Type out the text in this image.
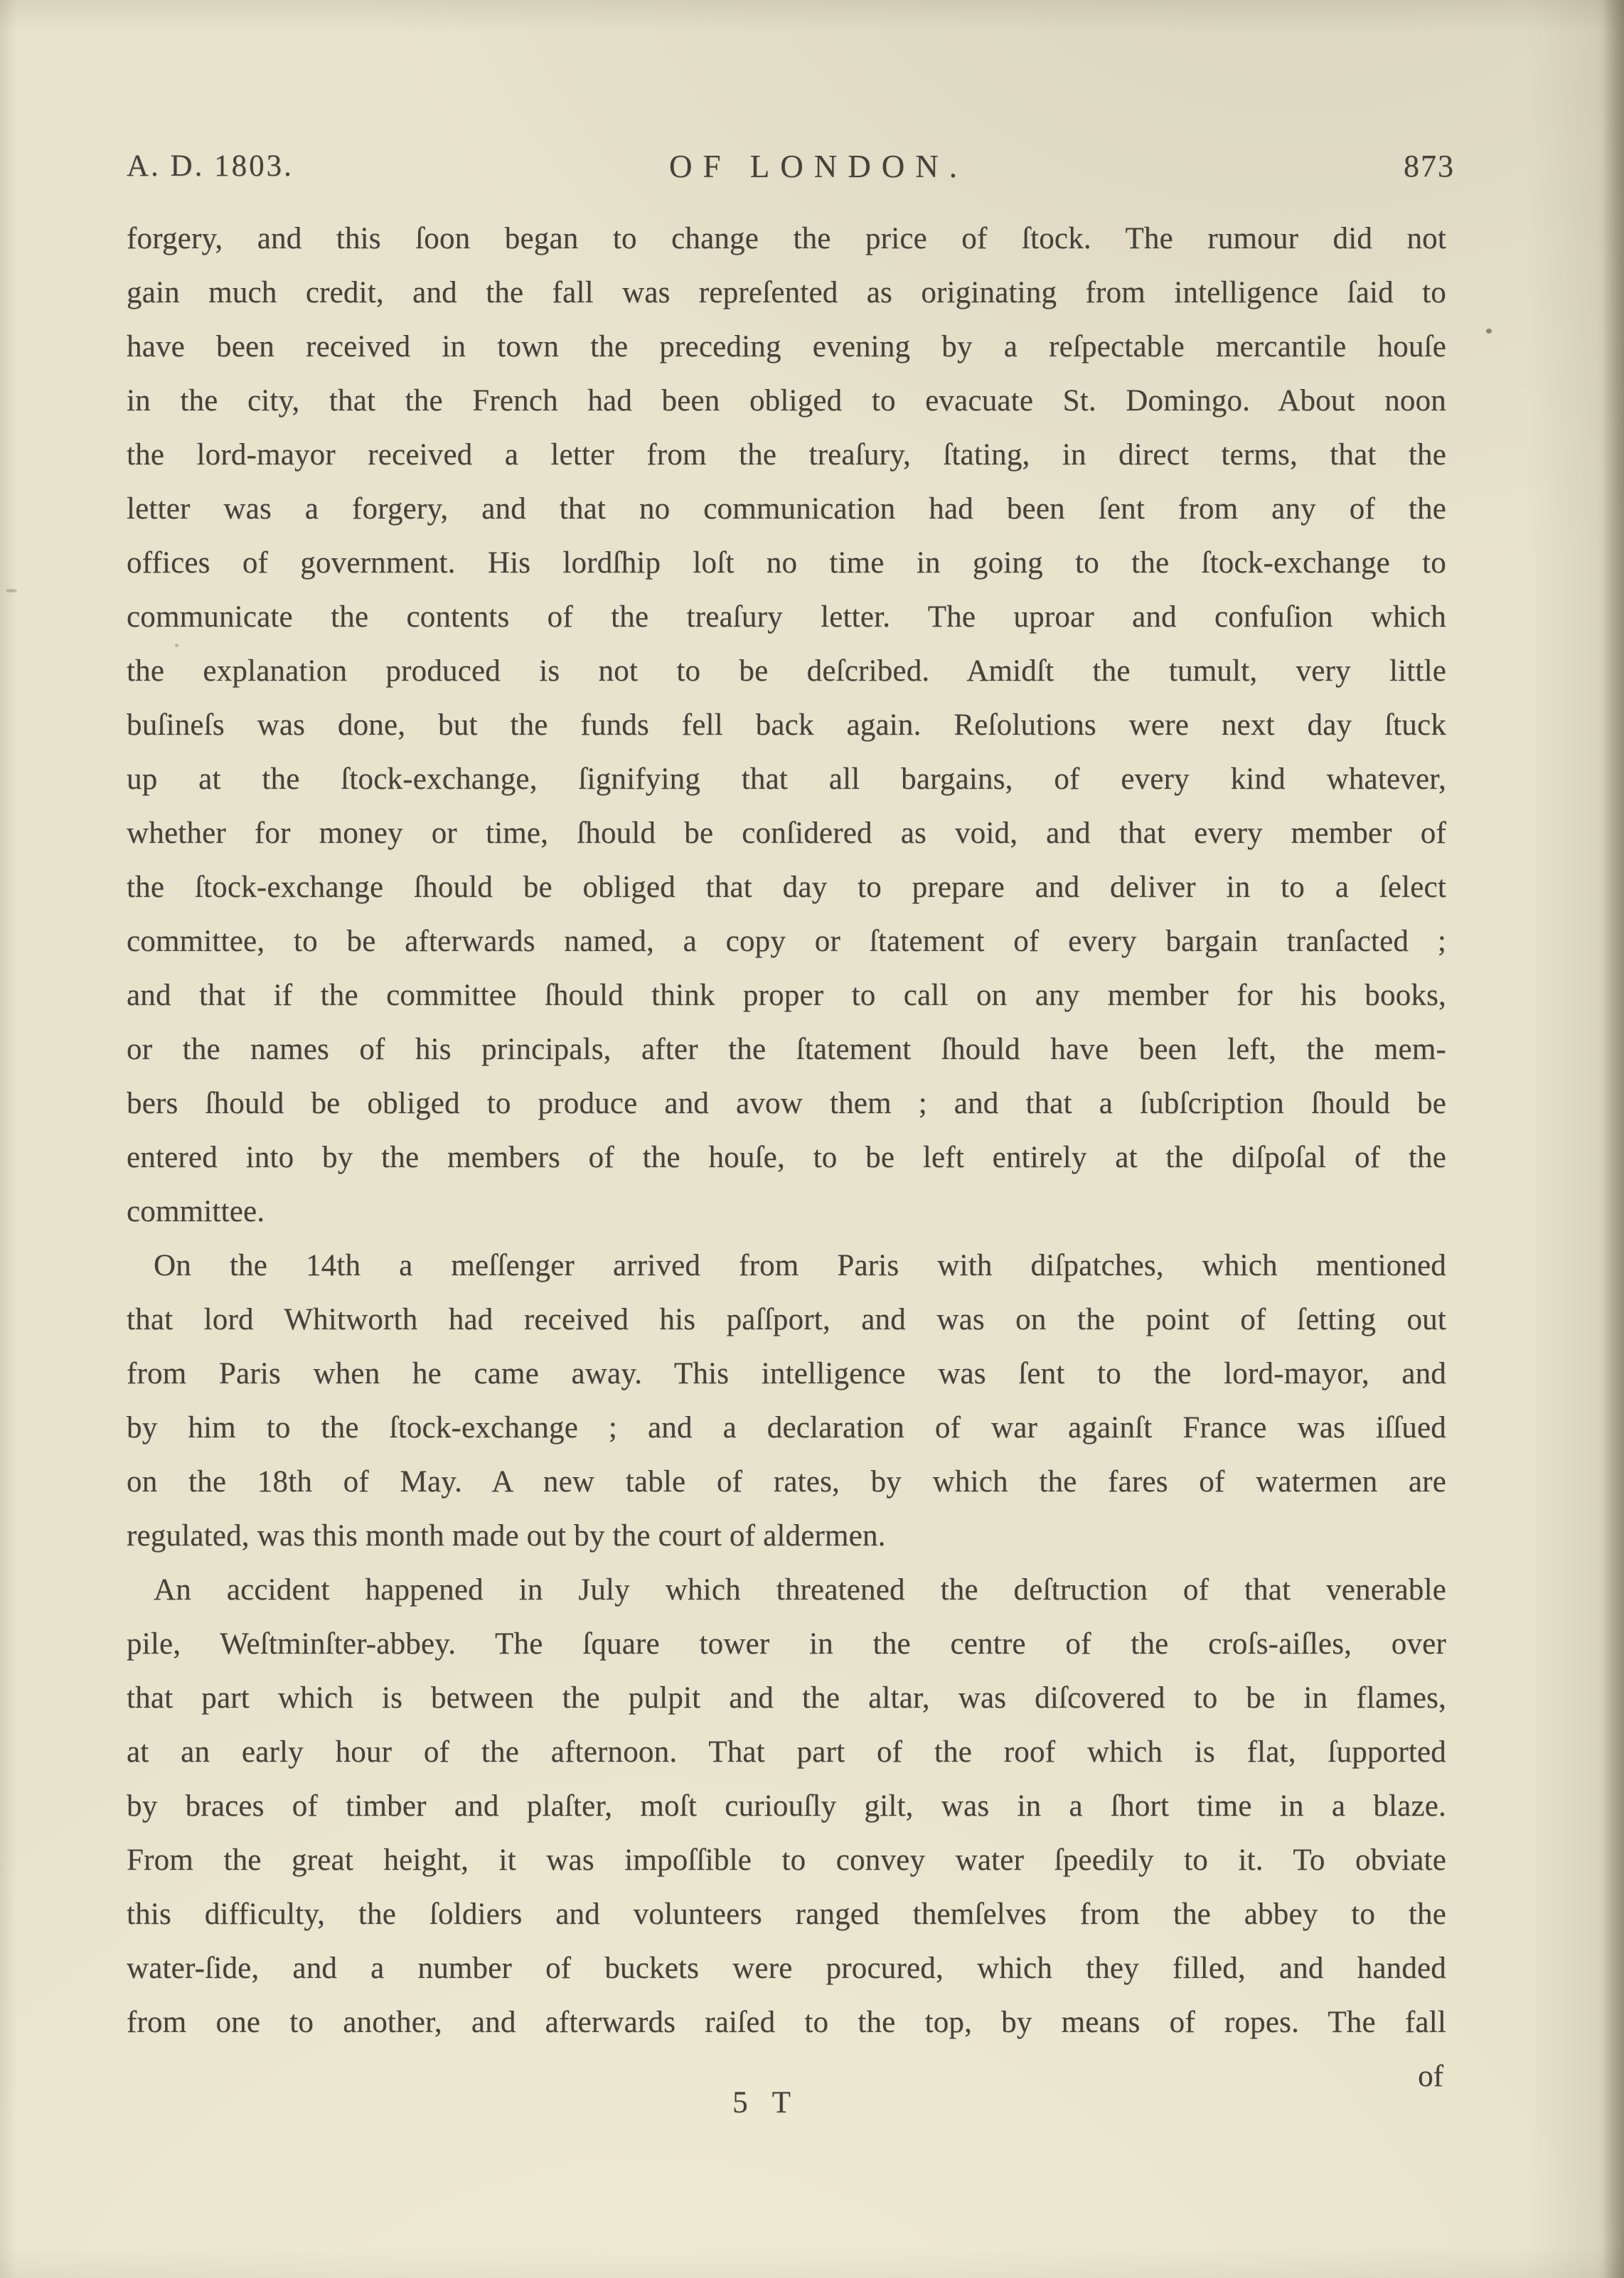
A. D. 1803.	OF LONDON.	873
forgery, and this ſoon began to change the price of ſtock. The rumour did not
gain much credit, and the fall was repreſented as originating from intelligence ſaid to
have been received in town the preceding evening by a reſpectable mercantile houſe
in the city, that the French had been obliged to evacuate St. Domingo. About noon
the lord-mayor received a letter from the treaſury, ſtating, in direct terms, that the
letter was a forgery, and that no communication had been ſent from any of the
offices of government. His lordſhip loſt no time in going to the ſtock-exchange to
communicate the contents of the treaſury letter. The uproar and confuſion which
the explanation produced is not to be deſcribed. Amidſt the tumult, very little
buſineſs was done, but the funds fell back again. Reſolutions were next day ſtuck
up at the ſtock-exchange, ſignifying that all bargains, of every kind whatever,
whether for money or time, ſhould be conſidered as void, and that every member of
the ſtock-exchange ſhould be obliged that day to prepare and deliver in to a ſelect
committee, to be afterwards named, a copy or ſtatement of every bargain tranſacted ;
and that if the committee ſhould think proper to call on any member for his books,
or the names of his principals, after the ſtatement ſhould have been left, the mem-
bers ſhould be obliged to produce and avow them ; and that a ſubſcription ſhould be
entered into by the members of the houſe, to be left entirely at the diſpoſal of the
committee.
On the 14th a meſſenger arrived from Paris with diſpatches, which mentioned
that lord Whitworth had received his paſſport, and was on the point of ſetting out
from Paris when he came away. This intelligence was ſent to the lord-mayor, and
by him to the ſtock-exchange ; and a declaration of war againſt France was iſſued
on the 18th of May. A new table of rates, by which the fares of watermen are
regulated, was this month made out by the court of aldermen.
An accident happened in July which threatened the deſtruction of that venerable
pile, Weſtminſter-abbey. The ſquare tower in the centre of the croſs-aiſles, over
that part which is between the pulpit and the altar, was diſcovered to be in flames,
at an early hour of the afternoon. That part of the roof which is flat, ſupported
by braces of timber and plaſter, moſt curiouſly gilt, was in a ſhort time in a blaze.
From the great height, it was impoſſible to convey water ſpeedily to it. To obviate
this difficulty, the ſoldiers and volunteers ranged themſelves from the abbey to the
water-ſide, and a number of buckets were procured, which they filled, and handed
from one to another, and afterwards raiſed to the top, by means of ropes. The fall
of
5 T
